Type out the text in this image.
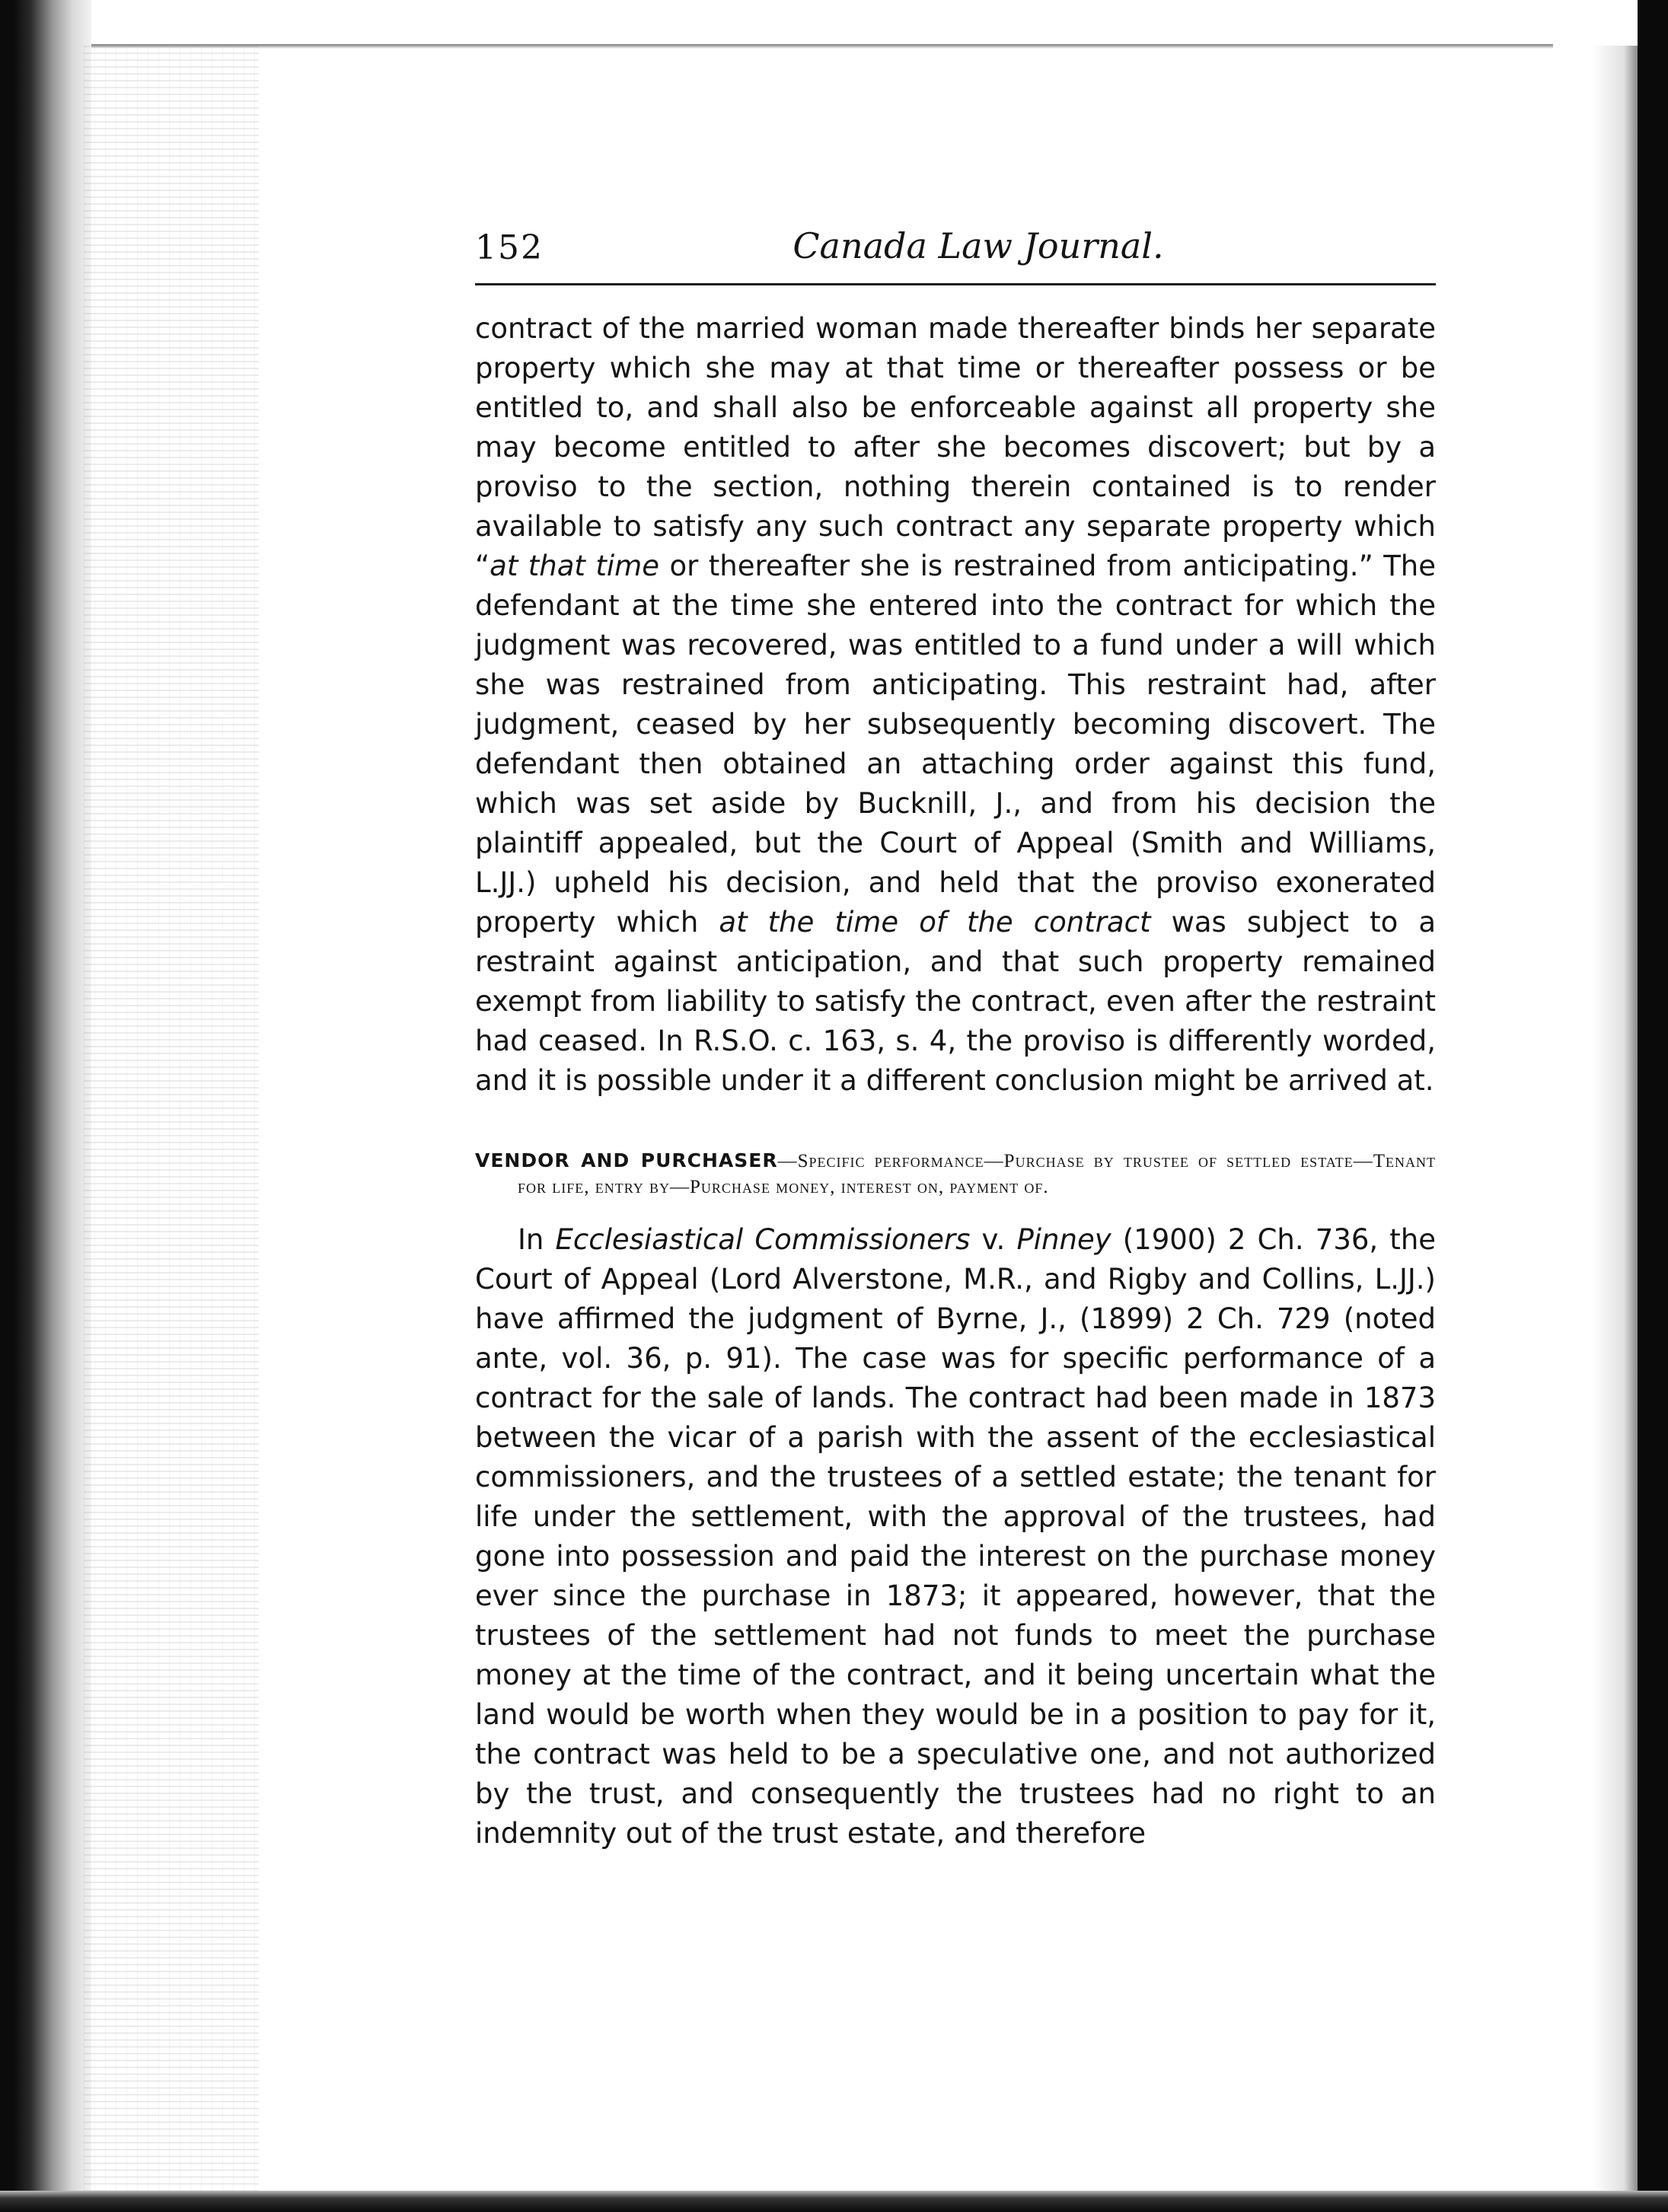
152	Canada Law Journal.

contract of the married woman made thereafter binds her separate property which she may at that time or thereafter possess or be entitled to, and shall also be enforceable against all property she may become entitled to after she becomes discovert; but by a proviso to the section, nothing therein contained is to render available to satisfy any such contract any separate property which “at that time or thereafter she is restrained from anticipating.” The defendant at the time she entered into the contract for which the judgment was recovered, was entitled to a fund under a will which she was restrained from anticipating. This restraint had, after judgment, ceased by her subsequently becoming discovert. The defendant then obtained an attaching order against this fund, which was set aside by Bucknill, J., and from his decision the plaintiff appealed, but the Court of Appeal (Smith and Williams, L.JJ.) upheld his decision, and held that the proviso exonerated property which at the time of the contract was subject to a restraint against anticipation, and that such property remained exempt from liability to satisfy the contract, even after the restraint had ceased. In R.S.O. c. 163, s. 4, the proviso is differently worded, and it is possible under it a different conclusion might be arrived at.

VENDOR AND PURCHASER—Specific performance—Purchase by trustee of settled estate—Tenant for life, entry by—Purchase money, interest on, payment of.

In Ecclesiastical Commissioners v. Pinney (1900) 2 Ch. 736, the Court of Appeal (Lord Alverstone, M.R., and Rigby and Collins, L.JJ.) have affirmed the judgment of Byrne, J., (1899) 2 Ch. 729 (noted ante, vol. 36, p. 91). The case was for specific performance of a contract for the sale of lands. The contract had been made in 1873 between the vicar of a parish with the assent of the ecclesiastical commissioners, and the trustees of a settled estate; the tenant for life under the settlement, with the approval of the trustees, had gone into possession and paid the interest on the purchase money ever since the purchase in 1873; it appeared, however, that the trustees of the settlement had not funds to meet the purchase money at the time of the contract, and it being uncertain what the land would be worth when they would be in a position to pay for it, the contract was held to be a speculative one, and not authorized by the trust, and consequently the trustees had no right to an indemnity out of the trust estate, and therefore
